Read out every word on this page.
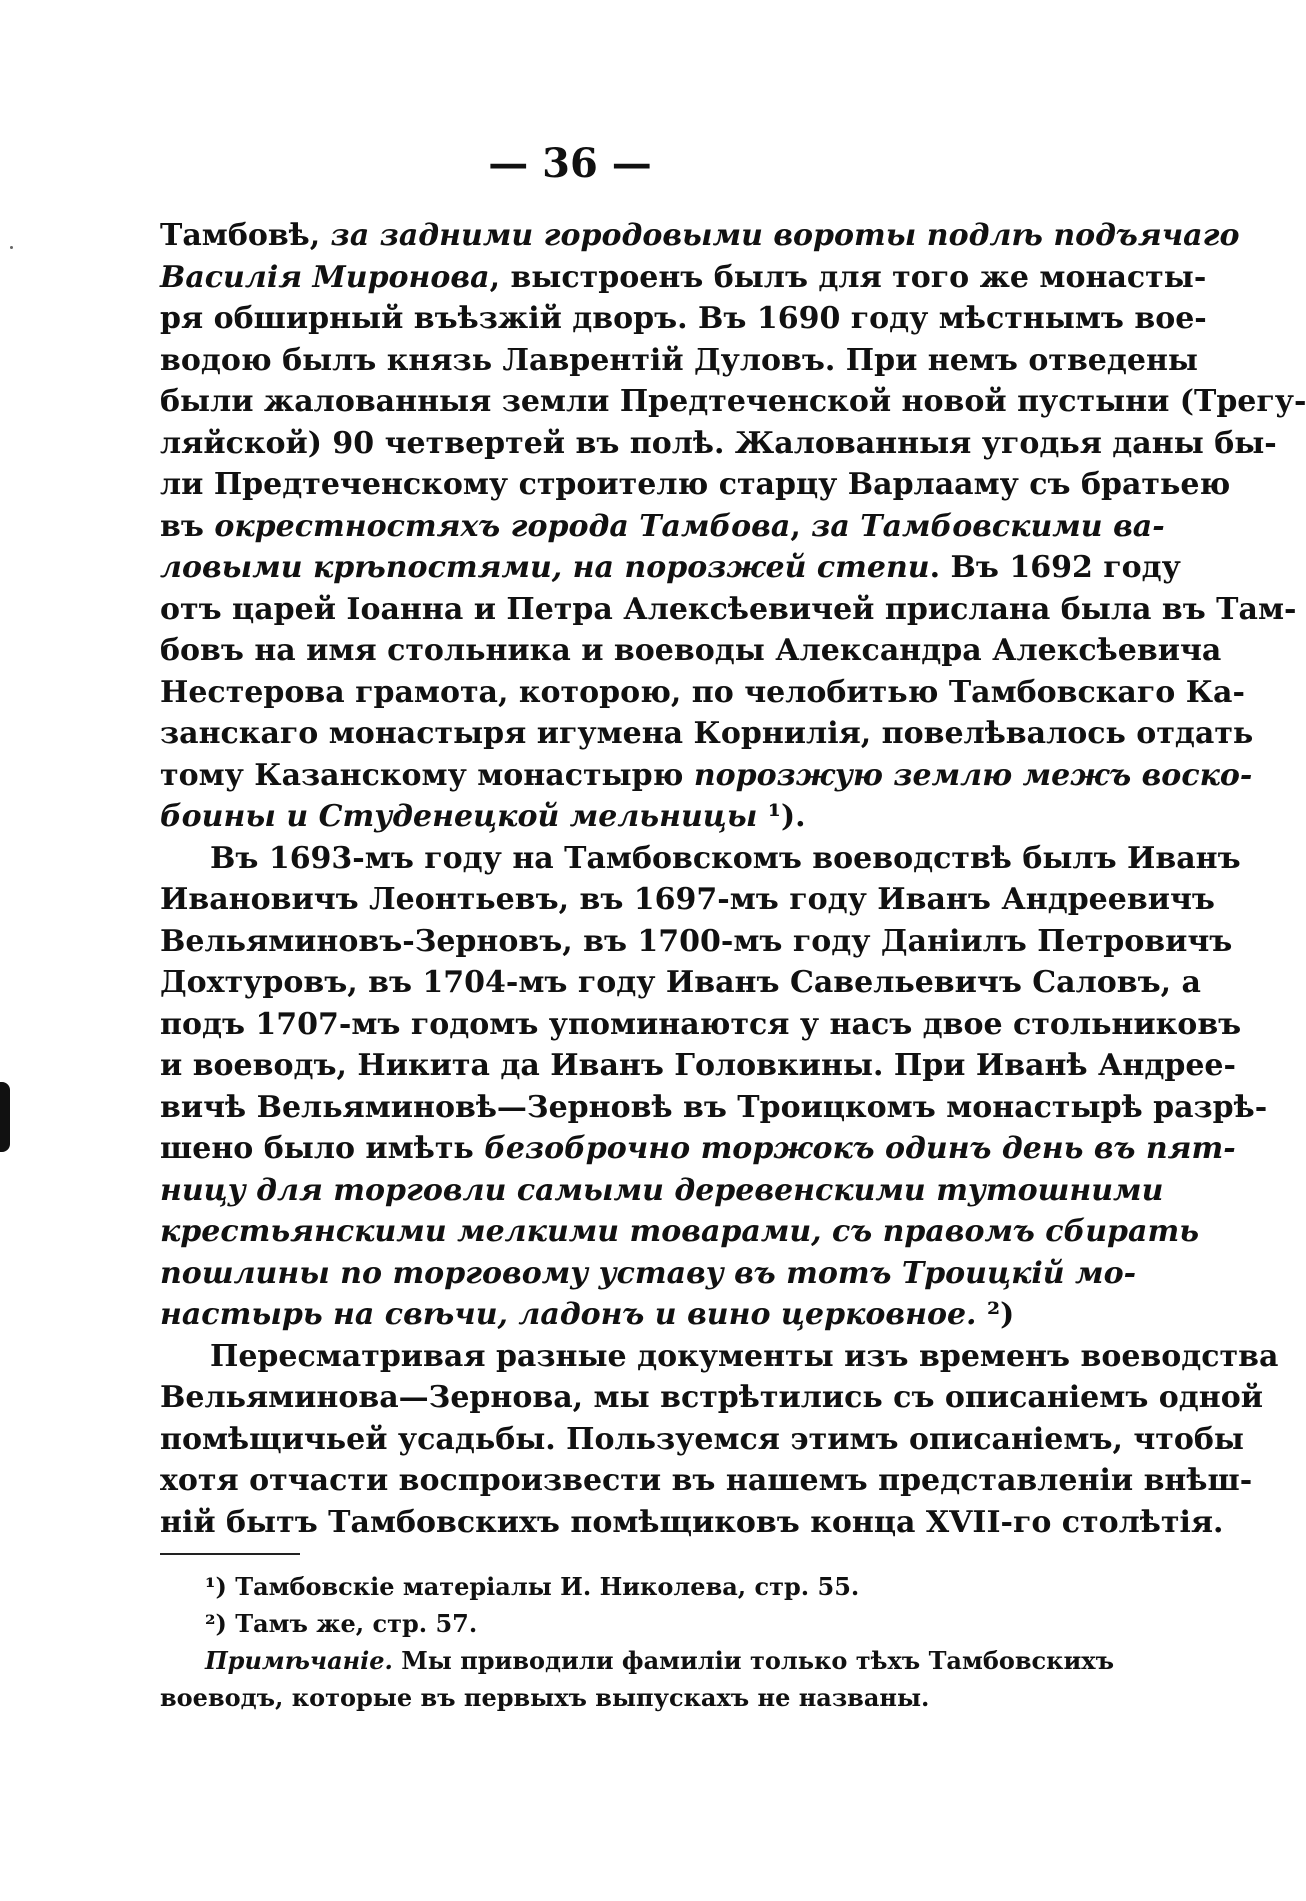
— 36 —
Тамбовѣ, за задними городовыми вороты подлѣ подъячаго
Василія Миронова, выстроенъ былъ для того же монасты-
ря обширный въѣзжій дворъ. Въ 1690 году мѣстнымъ вое-
водою былъ князь Лаврентій Дуловъ. При немъ отведены
были жалованныя земли Предтеченской новой пустыни (Трегу-
ляйской) 90 четвертей въ полѣ. Жалованныя угодья даны бы-
ли Предтеченскому строителю старцу Варлааму съ братьею
въ окрестностяхъ города Тамбова, за Тамбовскими ва-
ловыми крѣпостями, на порозжей степи. Въ 1692 году
отъ царей Іоанна и Петра Алексѣевичей прислана была въ Там-
бовъ на имя стольника и воеводы Александра Алексѣевича
Нестерова грамота, которою, по челобитью Тамбовскаго Ка-
занскаго монастыря игумена Корнилія, повелѣвалось отдать
тому Казанскому монастырю порозжую землю межъ воско-
боины и Студенецкой мельницы ¹).
Въ 1693-мъ году на Тамбовскомъ воеводствѣ былъ Иванъ
Ивановичъ Леонтьевъ, въ 1697-мъ году Иванъ Андреевичъ
Вельяминовъ-Зерновъ, въ 1700-мъ году Даніилъ Петровичъ
Дохтуровъ, въ 1704-мъ году Иванъ Савельевичъ Саловъ, а
подъ 1707-мъ годомъ упоминаются у насъ двое стольниковъ
и воеводъ, Никита да Иванъ Головкины. При Иванѣ Андрее-
вичѣ Вельяминовѣ—Зерновѣ въ Троицкомъ монастырѣ разрѣ-
шено было имѣть безоброчно торжокъ одинъ день въ пят-
ницу для торговли самыми деревенскими тутошними
крестьянскими мелкими товарами, съ правомъ сбирать
пошлины по торговому уставу въ тотъ Троицкій мо-
настырь на свѣчи, ладонъ и вино церковное. ²)
Пересматривая разные документы изъ временъ воеводства
Вельяминова—Зернова, мы встрѣтились съ описаніемъ одной
помѣщичьей усадьбы. Пользуемся этимъ описаніемъ, чтобы
хотя отчасти воспроизвести въ нашемъ представленіи внѣш-
ній бытъ Тамбовскихъ помѣщиковъ конца XVII-го столѣтія.
¹) Тамбовскіе матеріалы И. Николева, стр. 55.
²) Тамъ же, стр. 57.
Примѣчаніе. Мы приводили фамиліи только тѣхъ Тамбовскихъ
воеводъ, которые въ первыхъ выпускахъ не названы.
